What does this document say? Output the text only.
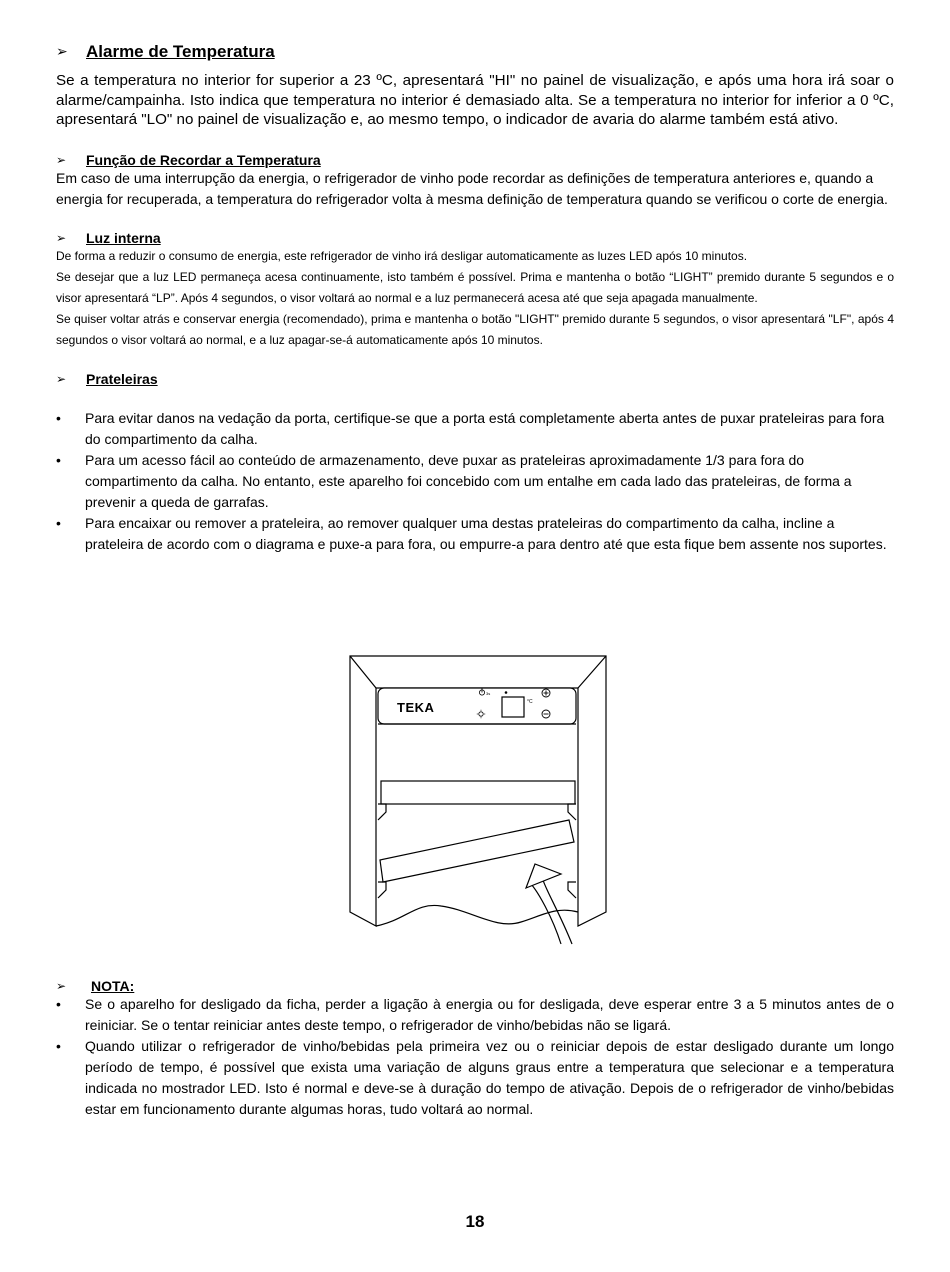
➢	Alarme de Temperatura

Se a temperatura no interior for superior a 23 ºC, apresentará "HI" no painel de visualização, e após uma hora irá soar o alarme/campainha. Isto indica que temperatura no interior é demasiado alta. Se a temperatura no interior for inferior a 0 ºC, apresentará "LO" no painel de visualização e, ao mesmo tempo, o indicador de avaria do alarme também está ativo.

➢	Função de Recordar a Temperatura

Em caso de uma interrupção da energia, o refrigerador de vinho pode recordar as definições de temperatura anteriores e, quando a energia for recuperada, a temperatura do refrigerador volta à mesma definição de temperatura quando se verificou o corte de energia.

➢	Luz interna

De forma a reduzir o consumo de energia, este refrigerador de vinho irá desligar automaticamente as luzes LED após 10 minutos.

Se desejar que a luz LED permaneça acesa continuamente, isto também é possível. Prima e mantenha o botão “LIGHT” premido durante 5 segundos e o visor apresentará “LP”. Após 4 segundos, o visor voltará ao normal e a luz permanecerá acesa até que seja apagada manualmente.

Se quiser voltar atrás e conservar energia (recomendado), prima e mantenha o botão "LIGHT" premido durante 5 segundos, o visor apresentará "LF", após 4 segundos o visor voltará ao normal, e a luz apagar-se-á automaticamente após 10 minutos.

➢	Prateleiras
• Para evitar danos na vedação da porta, certifique-se que a porta está completamente aberta antes de puxar prateleiras para fora do compartimento da calha.
• Para um acesso fácil ao conteúdo de armazenamento, deve puxar as prateleiras aproximadamente 1/3 para fora do compartimento da calha. No entanto, este aparelho foi concebido com um entalhe em cada lado das prateleiras, de forma a prevenir a queda de garrafas.
• Para encaixar ou remover a prateleira, ao remover qualquer uma destas prateleiras do compartimento da calha, incline a prateleira de acordo com o diagrama e puxe-a para fora, ou empurre-a para dentro até que esta fique bem assente nos suportes.
TEKA	°C
3s
➢	NOTA:
• Se o aparelho for desligado da ficha, perder a ligação à energia ou for desligada, deve esperar entre 3 a 5 minutos antes de o reiniciar. Se o tentar reiniciar antes deste tempo, o refrigerador de vinho/bebidas não se ligará.
• Quando utilizar o refrigerador de vinho/bebidas pela primeira vez ou o reiniciar depois de estar desligado durante um longo período de tempo, é possível que exista uma variação de alguns graus entre a temperatura que selecionar e a temperatura indicada no mostrador LED. Isto é normal e deve-se à duração do tempo de ativação. Depois de o refrigerador de vinho/bebidas estar em funcionamento durante algumas horas, tudo voltará ao normal.
18
